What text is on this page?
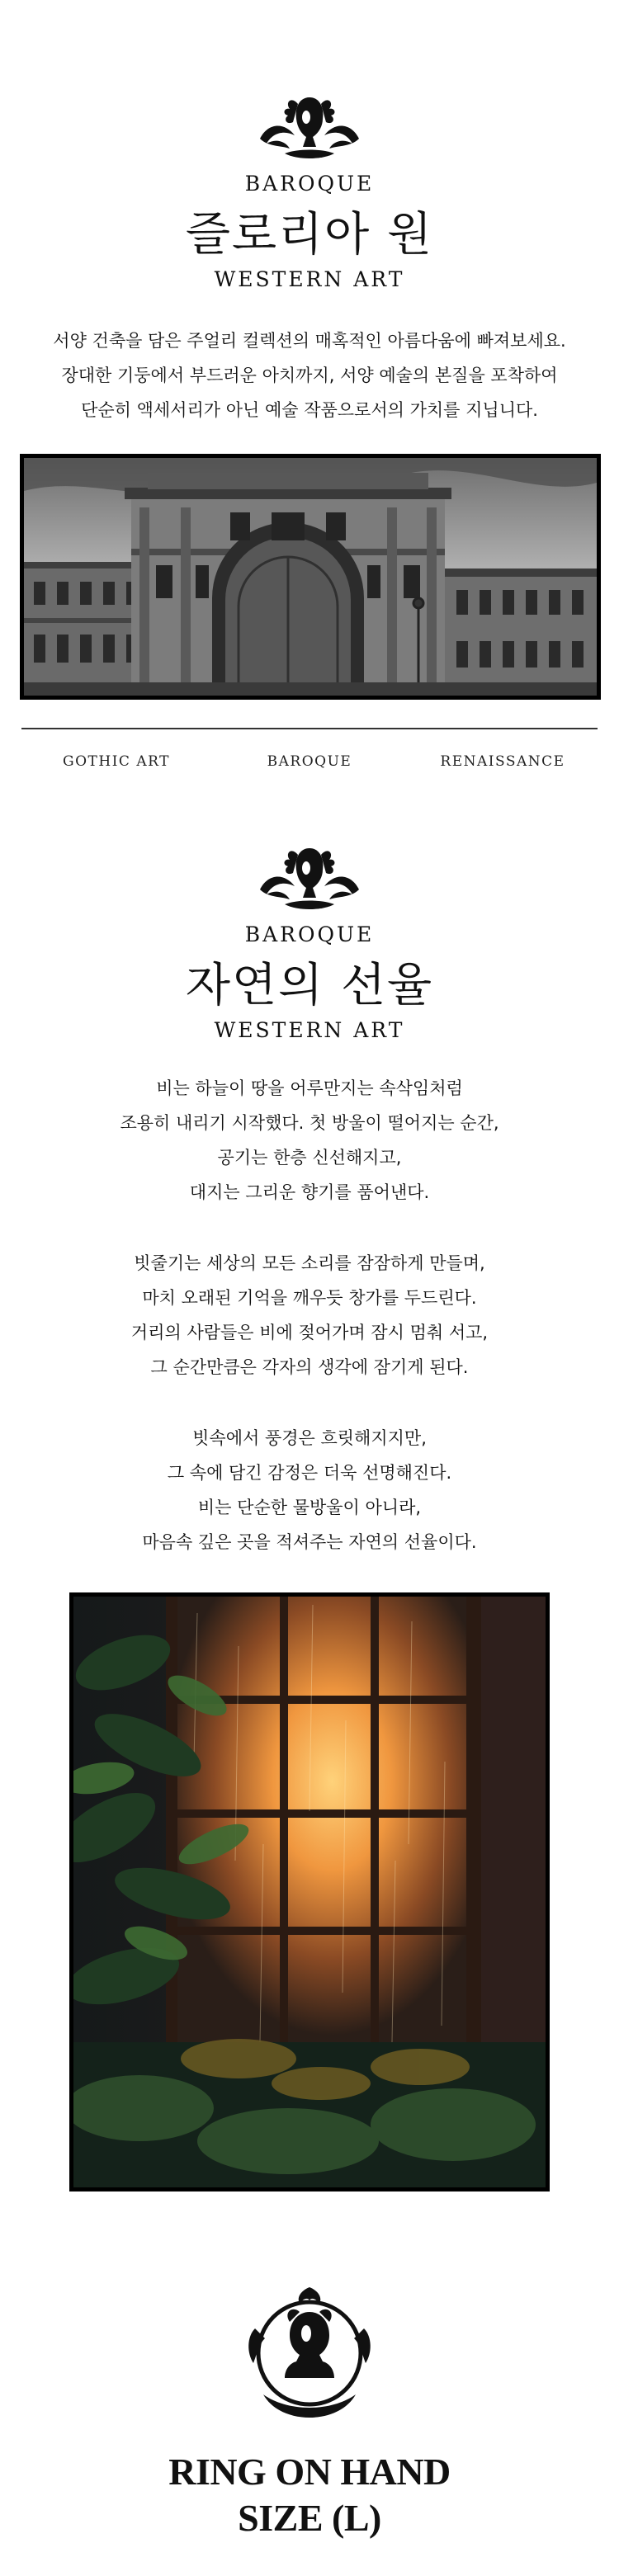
BAROQUE
즐로리아 원
WESTERN ART
서양 건축을 담은 주얼리 컬렉션의 매혹적인 아름다움에 빠져보세요.
장대한 기둥에서 부드러운 아치까지, 서양 예술의 본질을 포착하여
단순히 액세서리가 아닌 예술 작품으로서의 가치를 지닙니다.
GOTHIC ART	BAROQUE	RENAISSANCE
BAROQUE
자연의 선율
WESTERN ART
비는 하늘이 땅을 어루만지는 속삭임처럼
조용히 내리기 시작했다. 첫 방울이 떨어지는 순간,
공기는 한층 신선해지고,
대지는 그리운 향기를 품어낸다.
빗줄기는 세상의 모든 소리를 잠잠하게 만들며,
마치 오래된 기억을 깨우듯 창가를 두드린다.
거리의 사람들은 비에 젖어가며 잠시 멈춰 서고,
그 순간만큼은 각자의 생각에 잠기게 된다.
빗속에서 풍경은 흐릿해지지만,
그 속에 담긴 감정은 더욱 선명해진다.
비는 단순한 물방울이 아니라,
마음속 깊은 곳을 적셔주는 자연의 선율이다.
RING ON HAND
SIZE (L)
